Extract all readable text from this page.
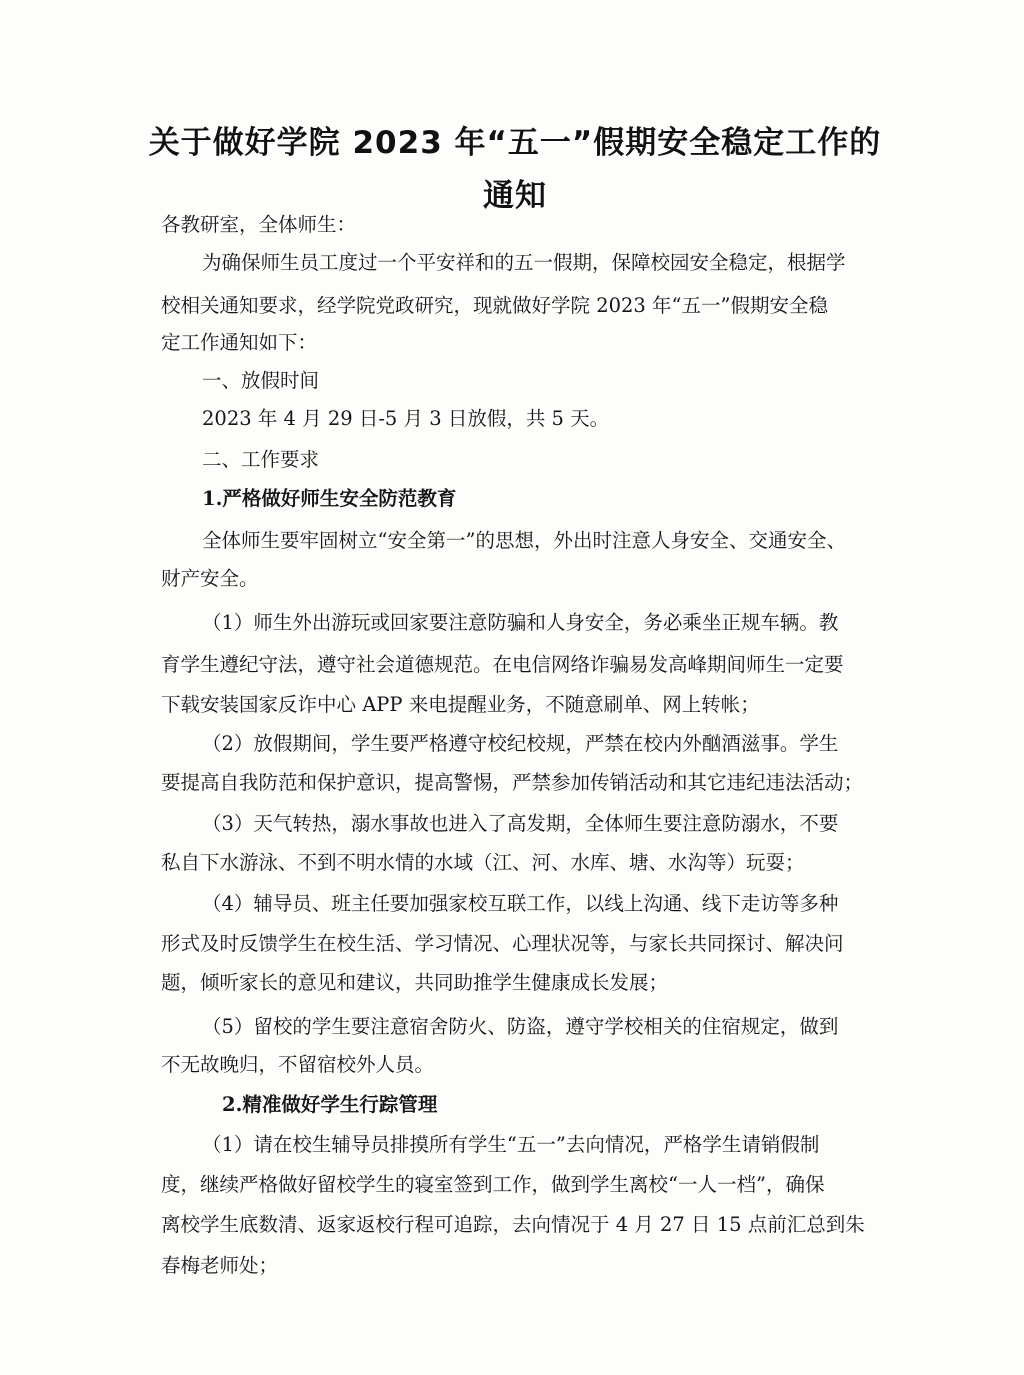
关于做好学院 2023 年“五一”假期安全稳定工作的
通知
各教研室，全体师生：
为确保师生员工度过一个平安祥和的五一假期，保障校园安全稳定，根据学
校相关通知要求，经学院党政研究，现就做好学院 2023 年“五一”假期安全稳
定工作通知如下：
一、放假时间
2023 年 4 月 29 日-5 月 3 日放假，共 5 天。
二、工作要求
1.严格做好师生安全防范教育
全体师生要牢固树立“安全第一”的思想，外出时注意人身安全、交通安全、
财产安全。
（1）师生外出游玩或回家要注意防骗和人身安全，务必乘坐正规车辆。教
育学生遵纪守法，遵守社会道德规范。在电信网络诈骗易发高峰期间师生一定要
下载安装国家反诈中心 APP 来电提醒业务，不随意刷单、网上转帐；
（2）放假期间，学生要严格遵守校纪校规，严禁在校内外酗酒滋事。学生
要提高自我防范和保护意识，提高警惕，严禁参加传销活动和其它违纪违法活动；
（3）天气转热，溺水事故也进入了高发期，全体师生要注意防溺水，不要
私自下水游泳、不到不明水情的水域（江、河、水库、塘、水沟等）玩耍；
（4）辅导员、班主任要加强家校互联工作，以线上沟通、线下走访等多种
形式及时反馈学生在校生活、学习情况、心理状况等，与家长共同探讨、解决问
题，倾听家长的意见和建议，共同助推学生健康成长发展；
（5）留校的学生要注意宿舍防火、防盗，遵守学校相关的住宿规定，做到
不无故晚归，不留宿校外人员。
2.精准做好学生行踪管理
（1）请在校生辅导员排摸所有学生“五一”去向情况，严格学生请销假制
度，继续严格做好留校学生的寝室签到工作，做到学生离校“一人一档”，确保
离校学生底数清、返家返校行程可追踪，去向情况于 4 月 27 日 15 点前汇总到朱
春梅老师处；
